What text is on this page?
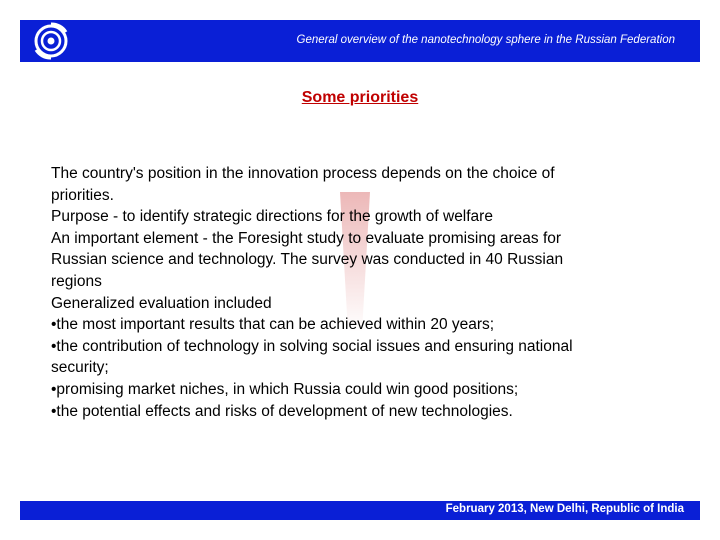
General overview of the nanotechnology sphere in the Russian Federation
Some priorities

The country's position in the innovation process depends on the choice of

priorities.

Purpose - to identify strategic directions for the growth of welfare

An important element - the Foresight study to evaluate promising areas for

Russian science and technology. The survey was conducted in 40 Russian

regions

Generalized evaluation included

•the most important results that can be achieved within 20 years;

•the contribution of technology in solving social issues and ensuring national

security;

•promising market niches, in which Russia could win good positions;

•the potential effects and risks of development of new technologies.

February 2013, New Delhi, Republic of India
